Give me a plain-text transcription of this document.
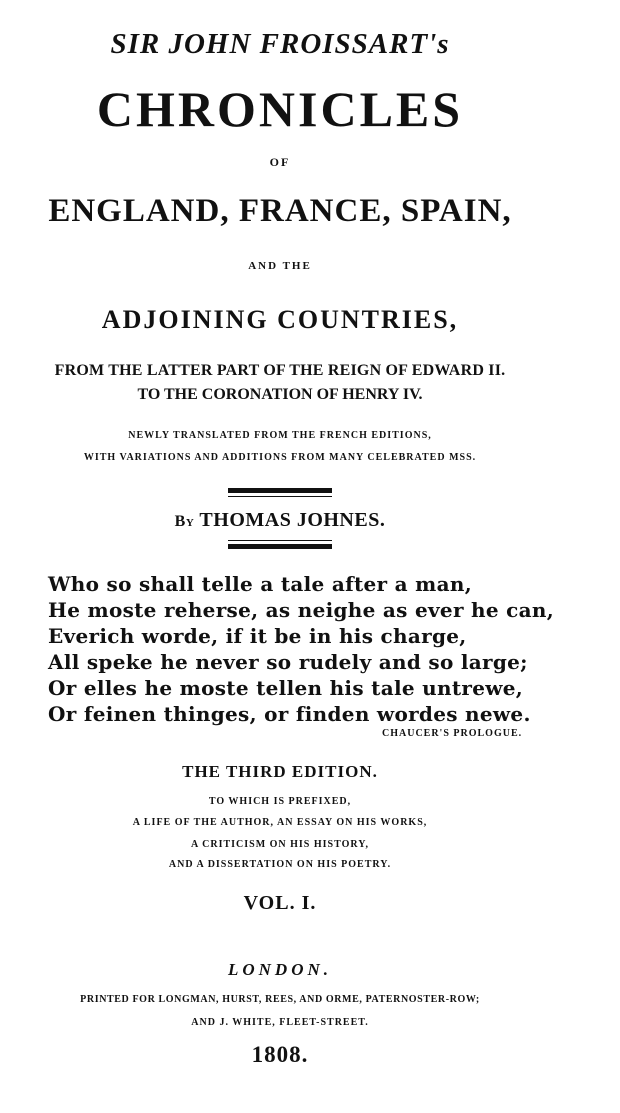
SIR JOHN FROISSART's
CHRONICLES
OF
ENGLAND, FRANCE, SPAIN,
AND THE
ADJOINING COUNTRIES,
FROM THE LATTER PART OF THE REIGN OF EDWARD II.
TO THE CORONATION OF HENRY IV.
NEWLY TRANSLATED FROM THE FRENCH EDITIONS,
WITH VARIATIONS AND ADDITIONS FROM MANY CELEBRATED MSS.
By THOMAS JOHNES.
Who so shall telle a tale after a man,
He moste reherse, as neighe as ever he can,
Everich worde, if it be in his charge,
All speke he never so rudely and so large;
Or elles he moste tellen his tale untrewe,
Or feinen thinges, or finden wordes newe.
CHAUCER'S PROLOGUE.
THE THIRD EDITION.
TO WHICH IS PREFIXED,
A LIFE OF THE AUTHOR, AN ESSAY ON HIS WORKS,
A CRITICISM ON HIS HISTORY,
AND A DISSERTATION ON HIS POETRY.
VOL. I.
LONDON.
PRINTED FOR LONGMAN, HURST, REES, AND ORME, PATERNOSTER-ROW;
AND J. WHITE, FLEET-STREET.
1808.
